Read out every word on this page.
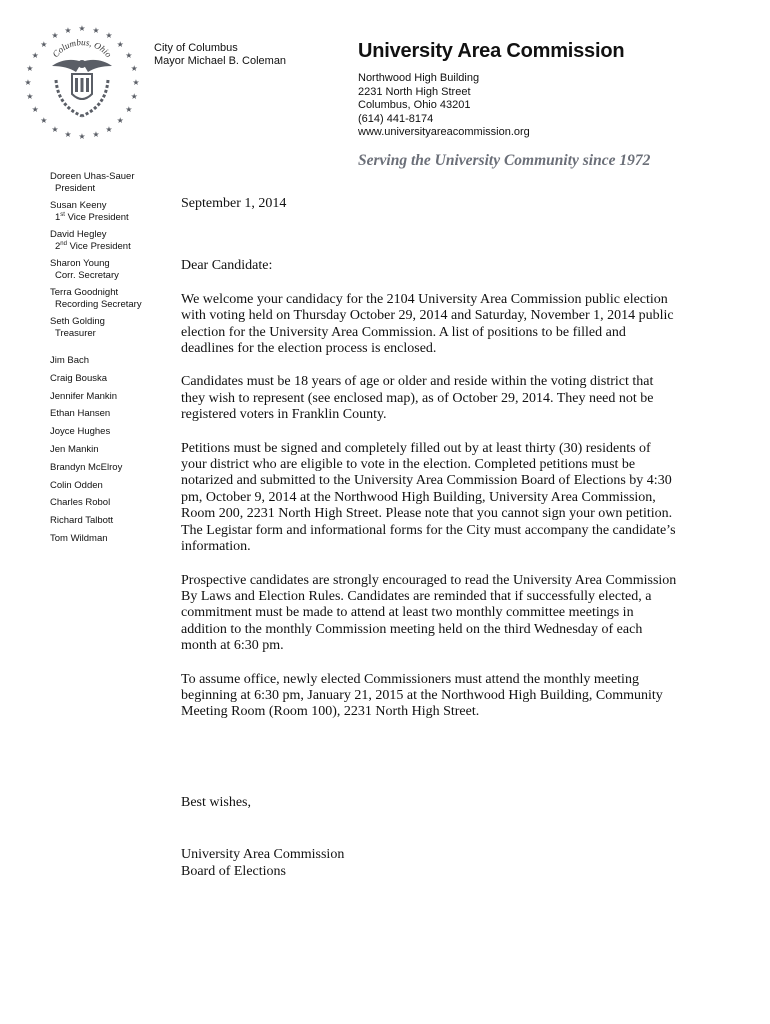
★ ★
★
★
★
★
★
★
★
★
★
★
★
★
★
★
★
★
★
★
★
★
★
★
Columbus, Ohio
City of Columbus
Mayor Michael B. Coleman	University Area Commission
Northwood High Building
2231 North High Street
Columbus, Ohio 43201
(614) 441-8174
www.universityareacommission.org
Serving the University Community since 1972
Doreen Uhas-Sauer
President
Susan Keeny
1st Vice President
David Hegley
2nd Vice President
Sharon Young
Corr. Secretary
Terra Goodnight
Recording Secretary
Seth Golding
Treasurer
Jim Bach
Craig Bouska
Jennifer Mankin
Ethan Hansen
Joyce Hughes
Jen Mankin
Brandyn McElroy
Colin Odden
Charles Robol
Richard Talbott
Tom Wildman

September 1, 2014

Dear Candidate:

We welcome your candidacy for the 2104 University Area Commission public election with voting held on Thursday October 29, 2014 and Saturday, November 1, 2014 public election for the University Area Commission. A list of positions to be filled and deadlines for the election process is enclosed.

Candidates must be 18 years of age or older and reside within the voting district that they wish to represent (see enclosed map), as of October 29, 2014. They need not be registered voters in Franklin County.

Petitions must be signed and completely filled out by at least thirty (30) residents of your district who are eligible to vote in the election. Completed petitions must be notarized and submitted to the University Area Commission Board of Elections by 4:30 pm, October 9, 2014 at the Northwood High Building, University Area Commission, Room 200, 2231 North High Street. Please note that you cannot sign your own petition. The Legistar form and informational forms for the City must accompany the candidate’s information.

Prospective candidates are strongly encouraged to read the University Area Commission By Laws and Election Rules. Candidates are reminded that if successfully elected, a commitment must be made to attend at least two monthly committee meetings in addition to the monthly Commission meeting held on the third Wednesday of each month at 6:30 pm.

To assume office, newly elected Commissioners must attend the monthly meeting beginning at 6:30 pm, January 21, 2015 at the Northwood High Building, Community Meeting Room (Room 100), 2231 North High Street.

Best wishes,

University Area Commission

Board of Elections
